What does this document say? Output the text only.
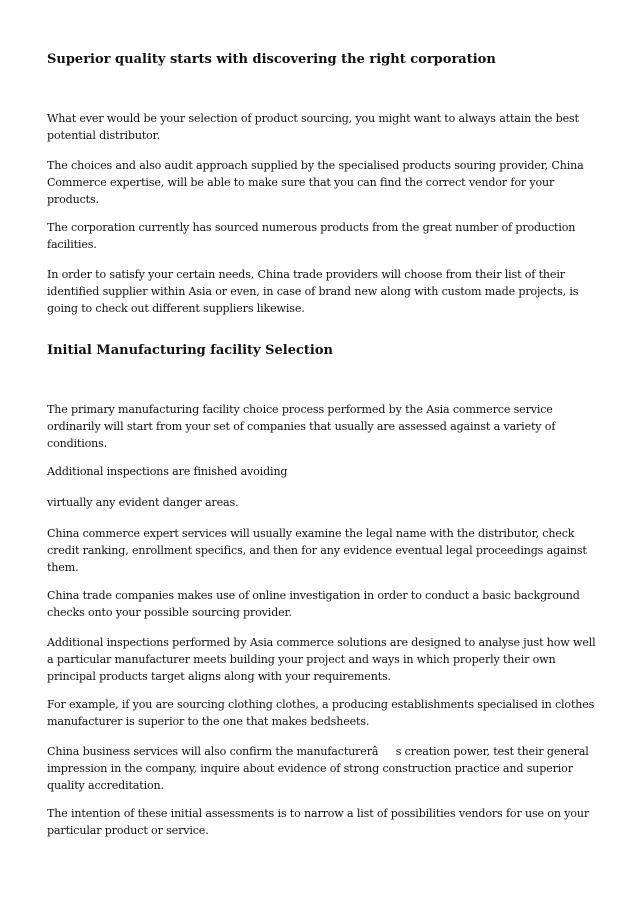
Superior quality starts with discovering the right corporation

What ever would be your selection of product sourcing, you might want to always attain the best
potential distributor.

The choices and also audit approach supplied by the specialised products souring provider, China
Commerce expertise, will be able to make sure that you can find the correct vendor for your
products.

The corporation currently has sourced numerous products from the great number of production
facilities.

In order to satisfy your certain needs, China trade providers will choose from their list of their
identified supplier within Asia or even, in case of brand new along with custom made projects, is
going to check out different suppliers likewise.

Initial Manufacturing facility Selection

The primary manufacturing facility choice process performed by the Asia commerce service
ordinarily will start from your set of companies that usually are assessed against a variety of
conditions.

Additional inspections are finished avoiding

virtually any evident danger areas.

China commerce expert services will usually examine the legal name with the distributor, check
credit ranking, enrollment specifics, and then for any evidence eventual legal proceedings against
them.

China trade companies makes use of online investigation in order to conduct a basic background
checks onto your possible sourcing provider.

Additional inspections performed by Asia commerce solutions are designed to analyse just how well
a particular manufacturer meets building your project and ways in which properly their own
principal products target aligns along with your requirements.

For example, if you are sourcing clothing clothes, a producing establishments specialised in clothes
manufacturer is superior to the one that makes bedsheets.

China business services will also confirm the manufacturerâs creation power, test their general
impression in the company, inquire about evidence of strong construction practice and superior
quality accreditation.

The intention of these initial assessments is to narrow a list of possibilities vendors for use on your
particular product or service.
